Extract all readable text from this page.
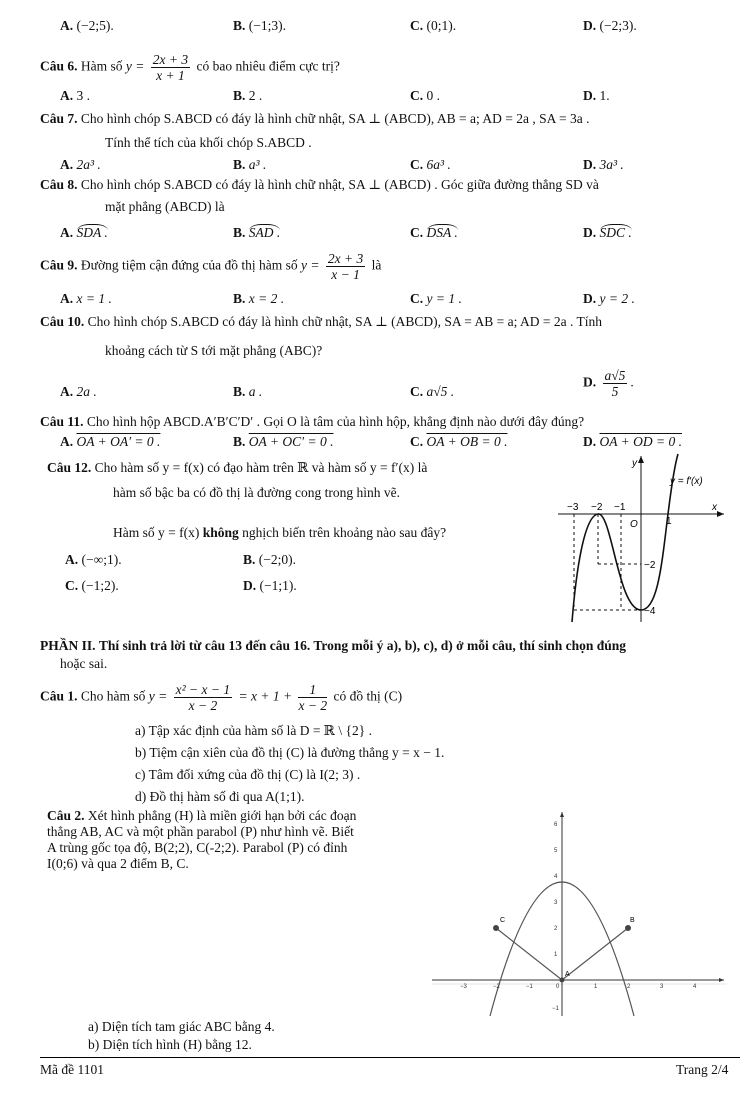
A. (−2;5).	B. (−1;3).	C. (0;1).	D. (−2;3).
Câu 6. Hàm số $y = \frac{2x + 3}{x + 1}$ có bao nhiêu điểm cực trị?
A. 3 .	B. 2 .	C. 0 .	D. 1.
Câu 7. Cho hình chóp S.ABCD có đáy là hình chữ nhật, SA ⊥ (ABCD), AB = a; AD = 2a , SA = 3a .
Tính thể tích của khối chóp S.ABCD .
A. 2a³ .	B. a³ .	C. 6a³ .	D. 3a³ .
Câu 8. Cho hình chóp S.ABCD có đáy là hình chữ nhật, SA ⊥ (ABCD) . Góc giữa đường thẳng SD và
mặt phẳng (ABCD) là
A. SDA .	B. SAD .	C. DSA .	D. SDC .
Câu 9. Đường tiệm cận đứng của đồ thị hàm số $y = \frac{2x + 3}{x - 1}$ là
A. x = 1 .	B. x = 2 .	C. y = 1 .	D. y = 2 .
Câu 10. Cho hình chóp S.ABCD có đáy là hình chữ nhật, SA ⊥ (ABCD), SA = AB = a; AD = 2a . Tính
khoảng cách từ S tới mặt phẳng (ABC)?
A. 2a .	B. a .	C. a√5 .
D. $\frac{a√5}{5}$ .
Câu 11. Cho hình hộp ABCD.A′B′C′D′ . Gọi O là tâm của hình hộp, khẳng định nào dưới đây đúng?
A. OA + OA′ = 0 .	B. OA + OC′ = 0 .	C. OA + OB = 0 .	D. OA + OD = 0 .
Câu 12. Cho hàm số y = f(x) có đạo hàm trên ℝ và hàm số y = f′(x) là
hàm số bậc ba có đồ thị là đường cong trong hình vẽ.
Hàm số y = f(x) không nghịch biến trên khoảng nào sau đây?
A. (−∞;1).	B. (−2;0).
C. (−1;2).	D. (−1;1).
y
x
O
y = f′(x)
−3 −2 −1
1
−2
−4
PHẦN II. Thí sinh trả lời từ câu 13 đến câu 16. Trong mỗi ý a), b), c), d) ở mỗi câu, thí sinh chọn đúng
hoặc sai.
Câu 1. Cho hàm số $y = \frac{\text{x² − x − 1}}{x - 2} = x + 1 + \frac{1}{x - 2}$ có đồ thị (C)
a) Tập xác định của hàm số là D = ℝ \ {2} .
b) Tiệm cận xiên của đồ thị (C) là đường thẳng y = x − 1.
c) Tâm đối xứng của đồ thị (C) là I(2; 3) .
d) Đồ thị hàm số đi qua A(1;1).
Câu 2. Xét hình phẳng (H) là miền giới hạn bởi các đoạn
thẳng AB, AC và một phần parabol (P) như hình vẽ. Biết
A trùng gốc tọa độ, B(2;2), C(-2;2). Parabol (P) có đỉnh
I(0;6) và qua 2 điểm B, C.
a) Diện tích tam giác ABC bằng 4.
b) Diện tích hình (H) bằng 12.
C	B
A
−3	−2	−1	0	1	2	3	4
−1
1
2
3
4
5
6
Mã đề 1101	Trang 2/4
